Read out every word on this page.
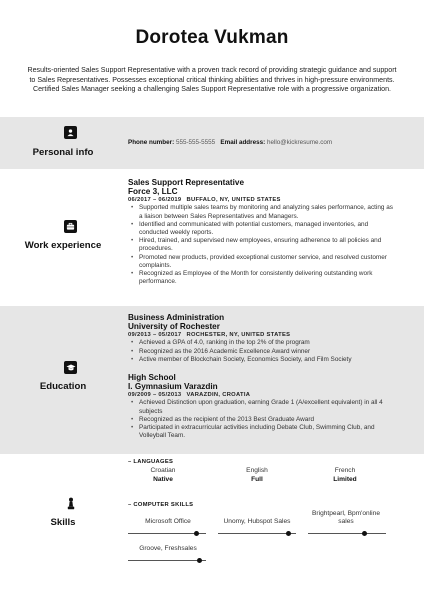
Dorotea Vukman
Results-oriented Sales Support Representative with a proven track record of providing strategic guidance and support to Sales Representatives. Possesses exceptional critical thinking abilities and thrives in high-pressure environments. Certified Sales Manager seeking a challenging Sales Support Representative role with a progressive organization.
Personal info
Phone number: 555-555-5555 Email address: hello@kickresume.com
Work experience
Sales Support Representative
Force 3, LLC
06/2017 – 06/2019 BUFFALO, NY, UNITED STATES
• Supported multiple sales teams by monitoring and analyzing sales performance, acting as a liaison between Sales Representatives and Managers.
• Identified and communicated with potential customers, managed inventories, and conducted weekly reports.
• Hired, trained, and supervised new employees, ensuring adherence to all policies and procedures.
• Promoted new products, provided exceptional customer service, and resolved customer complaints.
• Recognized as Employee of the Month for consistently delivering outstanding work performance.
Education
Business Administration
University of Rochester
09/2013 – 05/2017 ROCHESTER, NY, UNITED STATES
• Achieved a GPA of 4.0, ranking in the top 2% of the program
• Recognized as the 2016 Academic Excellence Award winner
• Active member of Blockchain Society, Economics Society, and Film Society
High School
I. Gymnasium Varazdin
09/2009 – 05/2013 VARAZDIN, CROATIA
• Achieved Distinction upon graduation, earning Grade 1 (A/excellent equivalent) in all 4 subjects
• Recognized as the recipient of the 2013 Best Graduate Award
• Participated in extracurricular activities including Debate Club, Swimming Club, and Volleyball Team.
Skills
– LANGUAGES
Croatian
Native
English
Full
French
Limited
– COMPUTER SKILLS
Microsoft Office	Unomy, Hubspot Sales
Brightpearl, Bpm'online sales
Groove, Freshsales
